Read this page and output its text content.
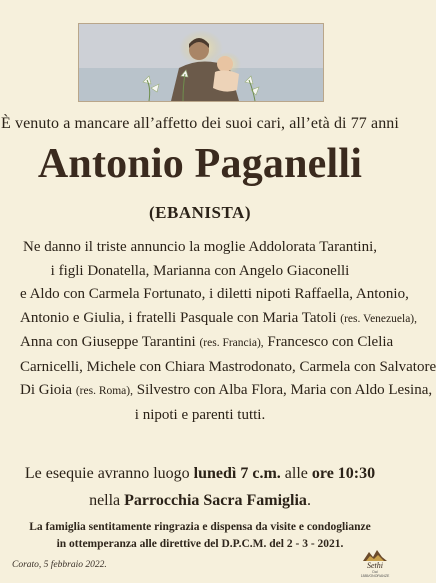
È venuto a mancare all’affetto dei suoi cari, all’età di 77 anni
Antonio Paganelli
(EBANISTA)
Ne danno il triste annuncio la moglie Addolorata Tarantini,
i figli Donatella, Marianna con Angelo Giaconelli
e Aldo con Carmela Fortunato, i diletti nipoti Raffaella, Antonio,
Antonio e Giulia, i fratelli Pasquale con Maria Tatoli (res. Venezuela),
Anna con Giuseppe Tarantini (res. Francia), Francesco con Clelia
Carnicelli, Michele con Chiara Mastrodonato, Carmela con Salvatore
Di Gioia (res. Roma), Silvestro con Alba Flora, Maria con Aldo Lesina,
i nipoti e parenti tutti.
Le esequie avranno luogo lunedì 7 c.m. alle ore 10:30
nella Parrocchia Sacra Famiglia.
La famiglia sentitamente ringrazia e dispensa da visite e condoglianze
in ottemperanza alle direttive del D.P.C.M. del 2 - 3 - 2021.
Corato, 5 febbraio 2022.	Sethi
Dal 1885/ONORANZE
